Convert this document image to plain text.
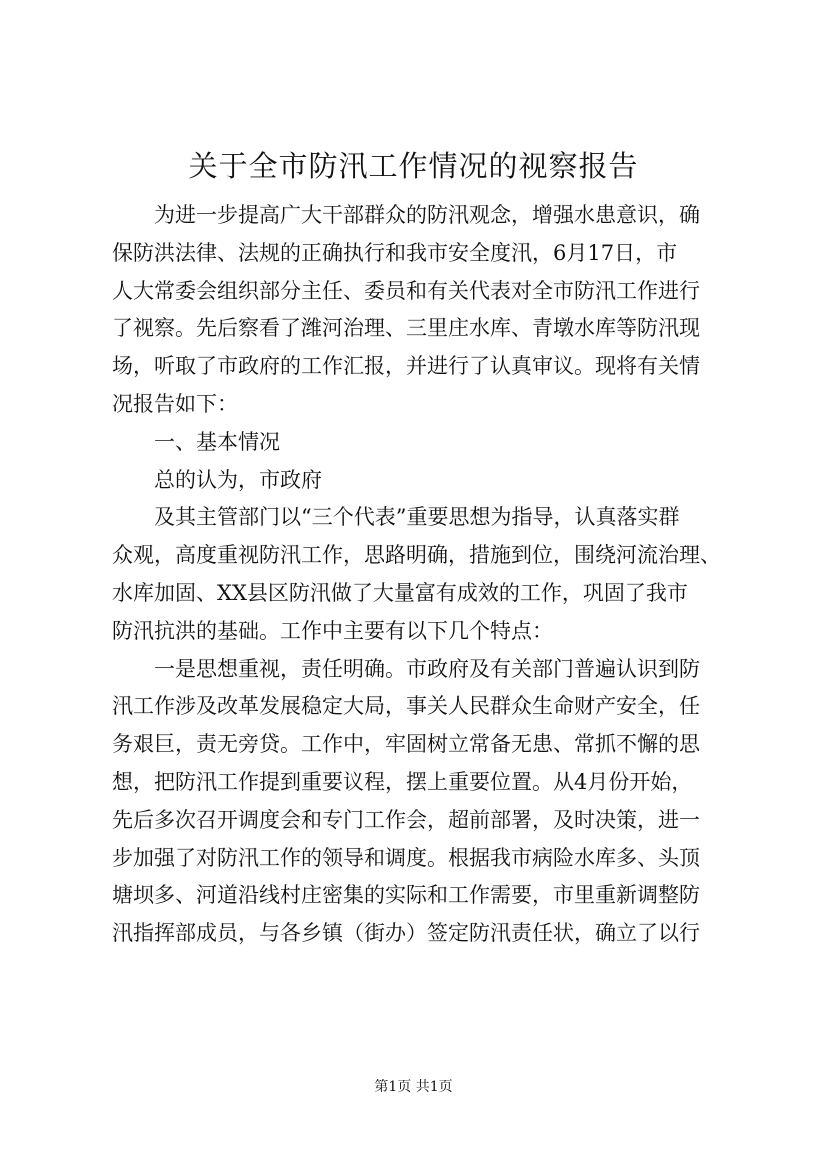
关于全市防汛工作情况的视察报告
为进一步提高广大干部群众的防汛观念，增强水患意识，确
保防洪法律、法规的正确执行和我市安全度汛，6月17日，市
人大常委会组织部分主任、委员和有关代表对全市防汛工作进行
了视察。先后察看了潍河治理、三里庄水库、青墩水库等防汛现
场，听取了市政府的工作汇报，并进行了认真审议。现将有关情
况报告如下：
一、基本情况
总的认为，市政府
及其主管部门以“三个代表”重要思想为指导，认真落实群
众观，高度重视防汛工作，思路明确，措施到位，围绕河流治理、
水库加固、XX县区防汛做了大量富有成效的工作，巩固了我市
防汛抗洪的基础。工作中主要有以下几个特点：
一是思想重视，责任明确。市政府及有关部门普遍认识到防
汛工作涉及改革发展稳定大局，事关人民群众生命财产安全，任
务艰巨，责无旁贷。工作中，牢固树立常备无患、常抓不懈的思
想，把防汛工作提到重要议程，摆上重要位置。从4月份开始，
先后多次召开调度会和专门工作会，超前部署，及时决策，进一
步加强了对防汛工作的领导和调度。根据我市病险水库多、头顶
塘坝多、河道沿线村庄密集的实际和工作需要，市里重新调整防
汛指挥部成员，与各乡镇（街办）签定防汛责任状，确立了以行
第1页 共1页
